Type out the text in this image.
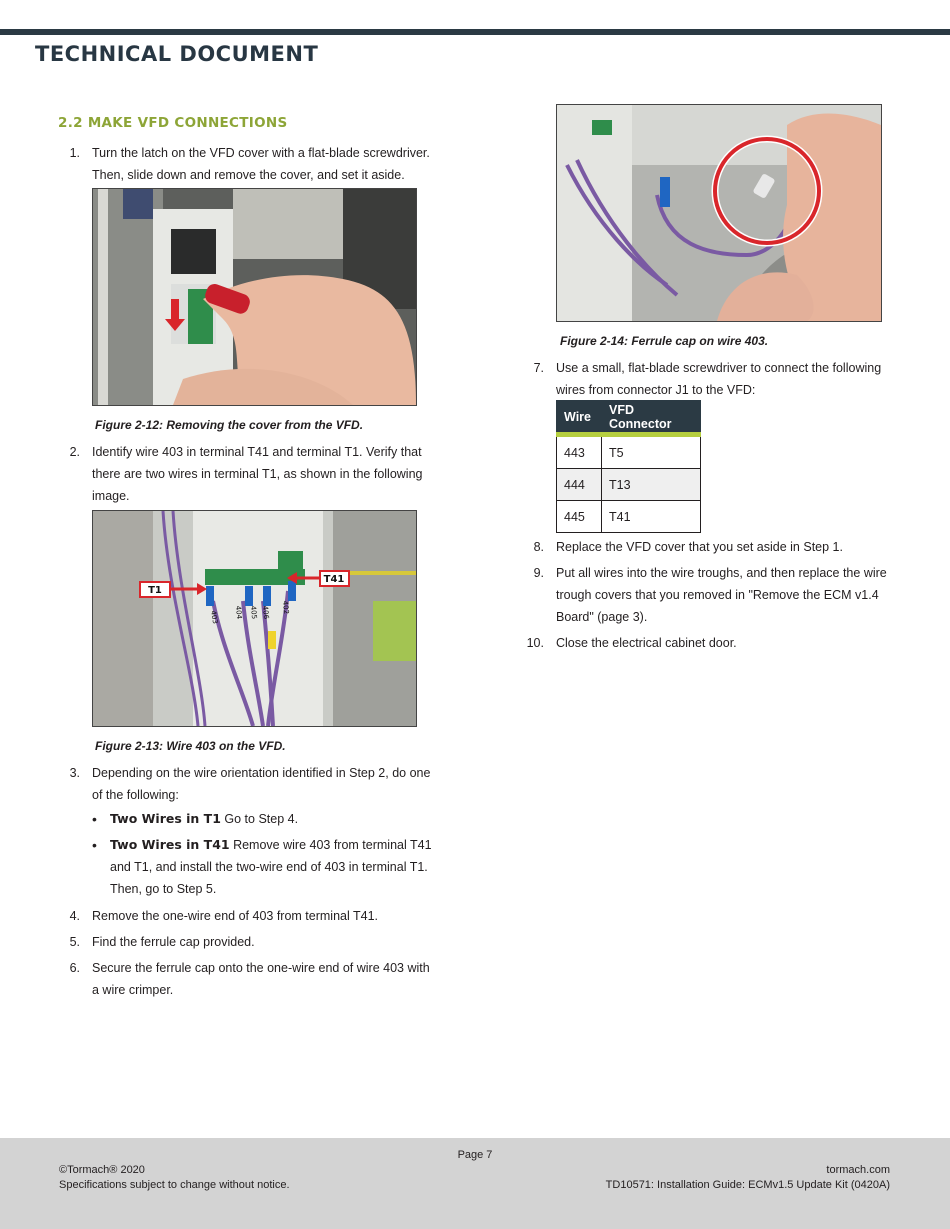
TECHNICAL DOCUMENT
2.2 MAKE VFD CONNECTIONS
1. Turn the latch on the VFD cover with a flat-blade screwdriver.
Then, slide down and remove the cover, and set it aside.
Figure 2-12: Removing the cover from the VFD.
2. Identify wire 403 in terminal T41 and terminal T1. Verify that
there are two wires in terminal T1, as shown in the following
image.
403 404 405 406 402
T1
T41
Figure 2-13: Wire 403 on the VFD.
3. Depending on the wire orientation identified in Step 2, do one
of the following:
• Two Wires in T1 Go to Step 4.
• Two Wires in T41 Remove wire 403 from terminal T41
and T1, and install the two-wire end of 403 in terminal T1.
Then, go to Step 5.
4. Remove the one-wire end of 403 from terminal T41.
5. Find the ferrule cap provided.
6. Secure the ferrule cap onto the one-wire end of wire 403 with
a wire crimper.
Figure 2-14: Ferrule cap on wire 403.
7. Use a small, flat-blade screwdriver to connect the following
wires from connector J1 to the VFD:
Wire	VFD Connector
443	T5
444	T13
445	T41
8. Replace the VFD cover that you set aside in Step 1.
9. Put all wires into the wire troughs, and then replace the wire
trough covers that you removed in "Remove the ECM v1.4
Board" (page 3).
10. Close the electrical cabinet door.
Page 7
©Tormach® 2020
Specifications subject to change without notice.
tormach.com
TD10571: Installation Guide: ECMv1.5 Update Kit (0420A)
